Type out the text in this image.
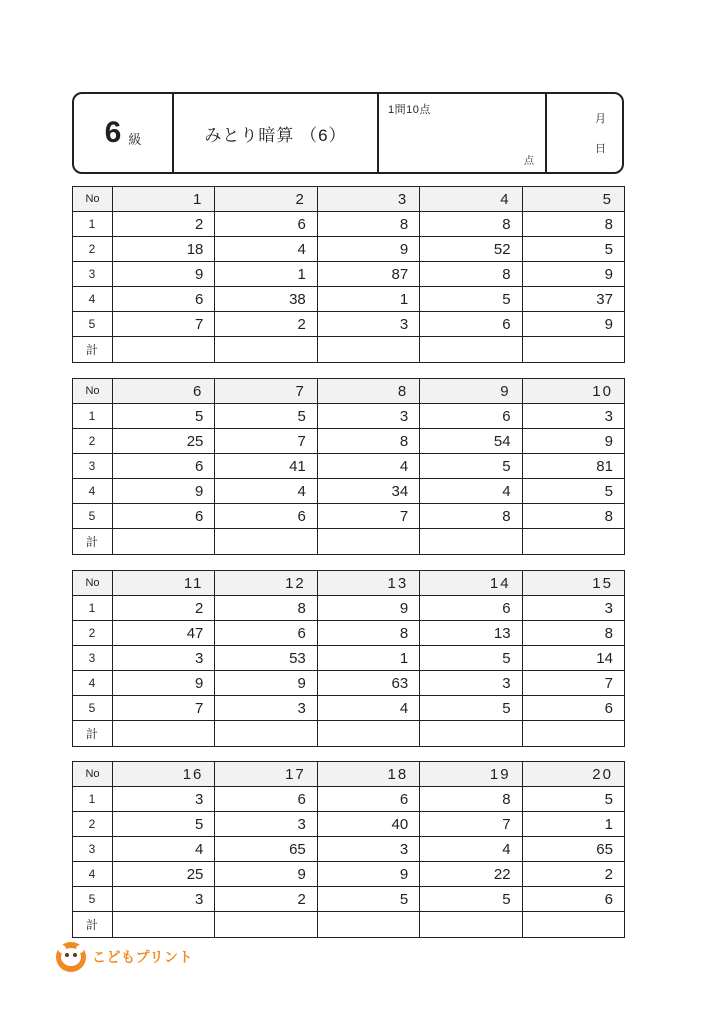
6 級	みとり暗算 （6）
1問10点
点
月
日
No	1	2	3	4	5
1	2	6	8	8	8
2	18	4	9	52	5
3	9	1	87	8	9
4	6	38	1	5	37
5	7	2	3	6	9
計					
No	6	7	8	9	10
1	5	5	3	6	3
2	25	7	8	54	9
3	6	41	4	5	81
4	9	4	34	4	5
5	6	6	7	8	8
計					
No	11	12	13	14	15
1	2	8	9	6	3
2	47	6	8	13	8
3	3	53	1	5	14
4	9	9	63	3	7
5	7	3	4	5	6
計					
No	16	17	18	19	20
1	3	6	6	8	5
2	5	3	40	7	1
3	4	65	3	4	65
4	25	9	9	22	2
5	3	2	5	5	6
計					
こどもプリント
